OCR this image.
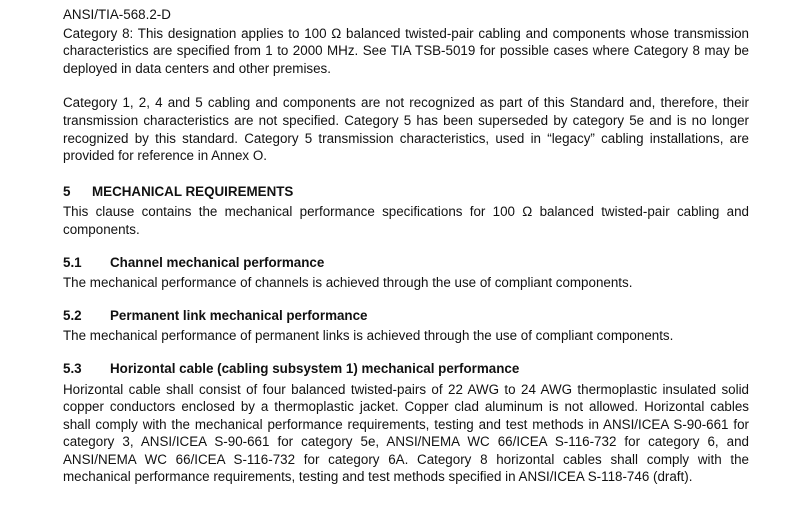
ANSI/TIA-568.2-D

Category 8: This designation applies to 100 Ω balanced twisted-pair cabling and components whose transmission characteristics are specified from 1 to 2000 MHz. See TIA TSB-5019 for possible cases where Category 8 may be deployed in data centers and other premises.

Category 1, 2, 4 and 5 cabling and components are not recognized as part of this Standard and, therefore, their transmission characteristics are not specified. Category 5 has been superseded by category 5e and is no longer recognized by this standard. Category 5 transmission characteristics, used in “legacy” cabling installations, are provided for reference in Annex O.

5 MECHANICAL REQUIREMENTS

This clause contains the mechanical performance specifications for 100 Ω balanced twisted-pair cabling and components.

5.1 Channel mechanical performance

The mechanical performance of channels is achieved through the use of compliant components.

5.2 Permanent link mechanical performance

The mechanical performance of permanent links is achieved through the use of compliant components.

5.3 Horizontal cable (cabling subsystem 1) mechanical performance

Horizontal cable shall consist of four balanced twisted-pairs of 22 AWG to 24 AWG thermoplastic insulated solid copper conductors enclosed by a thermoplastic jacket. Copper clad aluminum is not allowed. Horizontal cables shall comply with the mechanical performance requirements, testing and test methods in ANSI/ICEA S-90-661 for category 3, ANSI/ICEA S-90-661 for category 5e, ANSI/NEMA WC 66/ICEA S-116-732 for category 6, and ANSI/NEMA WC 66/ICEA S-116-732 for category 6A. Category 8 horizontal cables shall comply with the mechanical performance requirements, testing and test methods specified in ANSI/ICEA S-118-746 (draft).
